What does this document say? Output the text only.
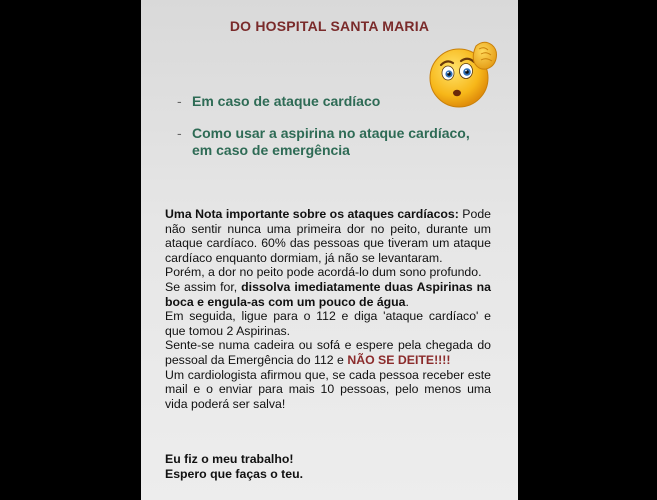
DO HOSPITAL SANTA MARIA
- Em caso de ataque cardíaco
- Como usar a aspirina no ataque cardíaco, em caso de emergência

Uma Nota importante sobre os ataques cardíacos: Pode não sentir nunca uma primeira dor no peito, durante um ataque cardíaco. 60% das pessoas que tiveram um ataque cardíaco enquanto dormiam, já não se levantaram.

Porém, a dor no peito pode acordá-lo dum sono profundo.

Se assim for, dissolva imediatamente duas Aspirinas na boca e engula-as com um pouco de água.

Em seguida, ligue para o 112 e diga 'ataque cardíaco' e que tomou 2 Aspirinas.

Sente-se numa cadeira ou sofá e espere pela chegada do pessoal da Emergência do 112 e NÃO SE DEITE!!!!

Um cardiologista afirmou que, se cada pessoa receber este mail e o enviar para mais 10 pessoas, pelo menos uma vida poderá ser salva!

Eu fiz o meu trabalho!
Espero que faças o teu.
